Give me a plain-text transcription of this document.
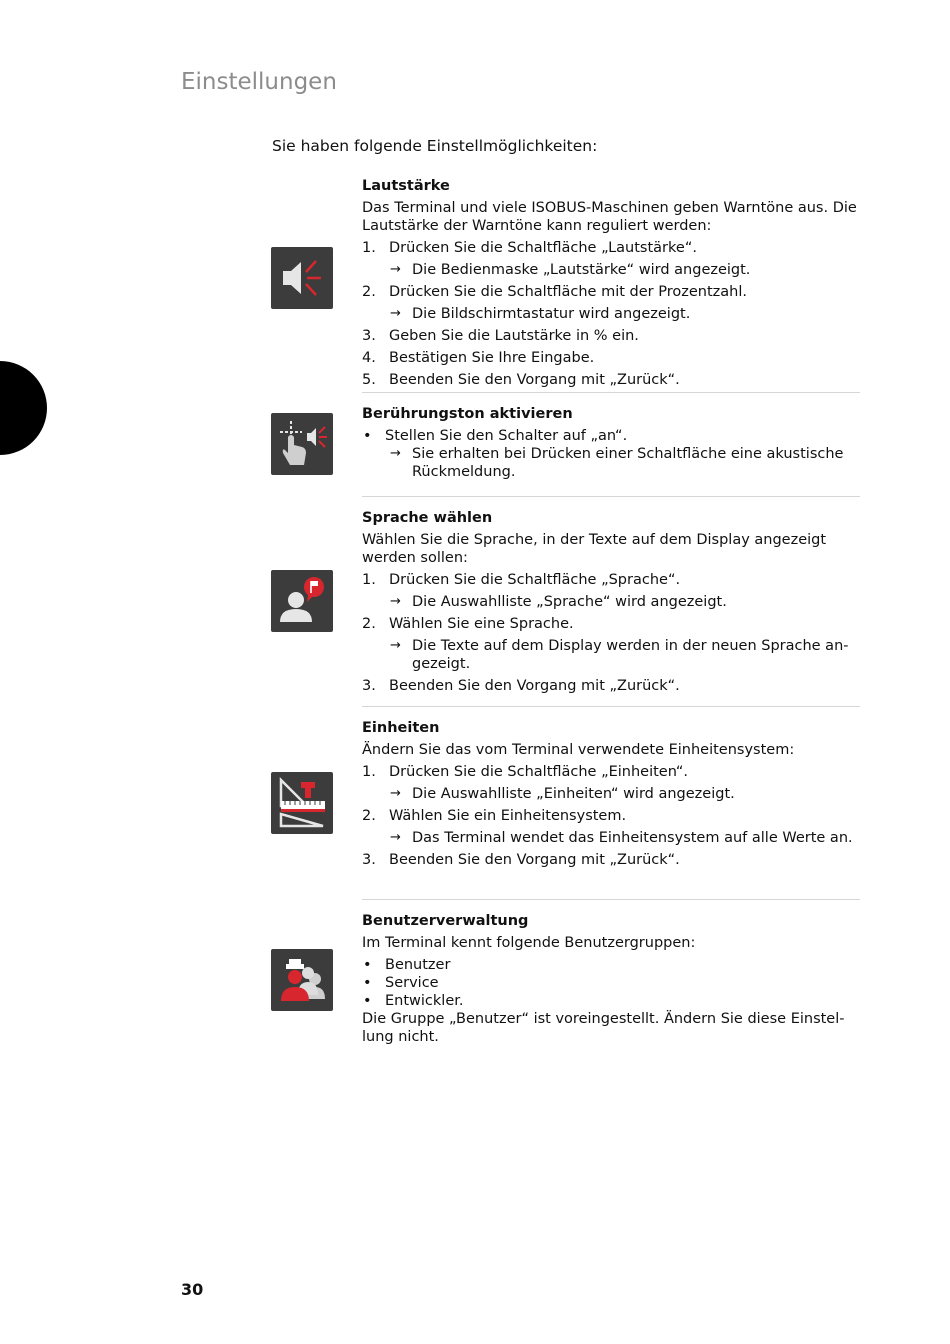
Einstellungen
Sie haben folgende Einstellmöglichkeiten:
Lautstärke
Das Terminal und viele ISOBUS-Maschinen geben Warntöne aus. Die Lautstärke der Warntöne kann reguliert werden:
1. Drücken Sie die Schaltfläche „Lautstärke“.
→ Die Bedienmaske „Lautstärke“ wird angezeigt.
2. Drücken Sie die Schaltfläche mit der Prozentzahl.
→ Die Bildschirmtastatur wird angezeigt.
3. Geben Sie die Lautstärke in % ein.
4. Bestätigen Sie Ihre Eingabe.
5. Beenden Sie den Vorgang mit „Zurück“.
Berührungston aktivieren
• Stellen Sie den Schalter auf „an“.
→ Sie erhalten bei Drücken einer Schaltfläche eine akustische Rückmeldung.
Sprache wählen
Wählen Sie die Sprache, in der Texte auf dem Display angezeigt werden sollen:
1. Drücken Sie die Schaltfläche „Sprache“.
→ Die Auswahlliste „Sprache“ wird angezeigt.
2. Wählen Sie eine Sprache.
→ Die Texte auf dem Display werden in der neuen Sprache angezeigt.
3. Beenden Sie den Vorgang mit „Zurück“.
Einheiten
Ändern Sie das vom Terminal verwendete Einheitensystem:
1. Drücken Sie die Schaltfläche „Einheiten“.
→ Die Auswahlliste „Einheiten“ wird angezeigt.
2. Wählen Sie ein Einheitensystem.
→ Das Terminal wendet das Einheitensystem auf alle Werte an.
3. Beenden Sie den Vorgang mit „Zurück“.
Benutzerverwaltung
Im Terminal kennt folgende Benutzergruppen:
• Benutzer
• Service
• Entwickler.
Die Gruppe „Benutzer“ ist voreingestellt. Ändern Sie diese Einstellung nicht.
30
